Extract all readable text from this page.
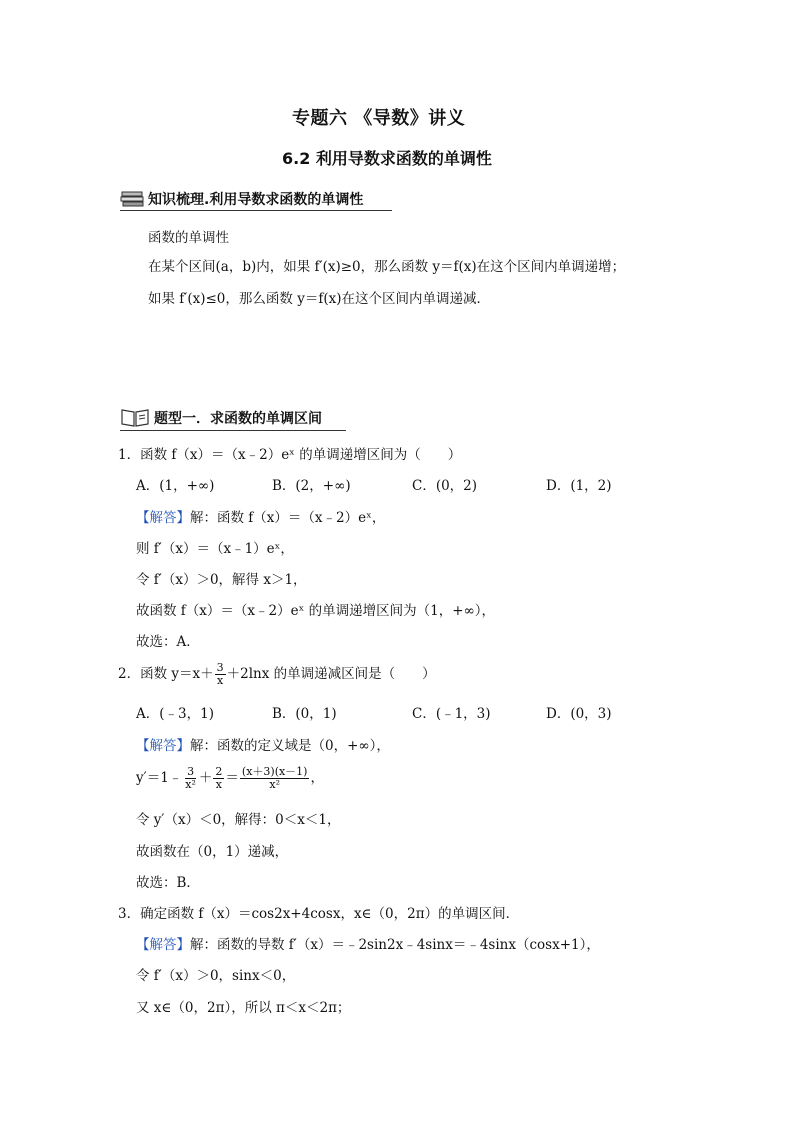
专题六 《导数》讲义
6.2 利用导数求函数的单调性
知识梳理.利用导数求函数的单调性
函数的单调性
在某个区间(a，b)内，如果 f′(x)≥0，那么函数 y＝f(x)在这个区间内单调递增；
如果 f′(x)≤0，那么函数 y＝f(x)在这个区间内单调递减．
题型一．求函数的单调区间
1．函数 f（x）＝（x﹣2）eˣ 的单调递增区间为（　　）
A．(1，+∞)	B．(2，+∞)	C．(0，2)	D．(1，2)
【解答】解：函数 f（x）＝（x﹣2）eˣ，
则 f′（x）＝（x﹣1）eˣ，
令 f′（x）＞0，解得 x＞1，
故函数 f（x）＝（x﹣2）eˣ 的单调递增区间为（1，+∞），
故选：A．
2．函数 $y=x+ \frac{3}{x} +2\ln x$ 的单调递减区间是（　　）
A．(﹣3，1)	B．(0，1)	C．(﹣1，3)	D．(0，3)
【解答】解：函数的定义域是（0，+∞），
y′＝1﹣ $\frac{3}{\text{x²}} + \frac{2}{x} = \frac{(x+3)(x-1)}{\text{x²}}$ ，
令 y′（x）＜0，解得：0＜x＜1，
故函数在（0，1）递减，
故选：B．
3．确定函数 f（x）＝cos2x+4cosx，x∈（0，2π）的单调区间．
【解答】解：函数的导数 f′（x）＝﹣2sin2x﹣4sinx＝﹣4sinx（cosx+1），
令 f′（x）＞0，sinx＜0，
又 x∈（0，2π），所以 π＜x＜2π；
